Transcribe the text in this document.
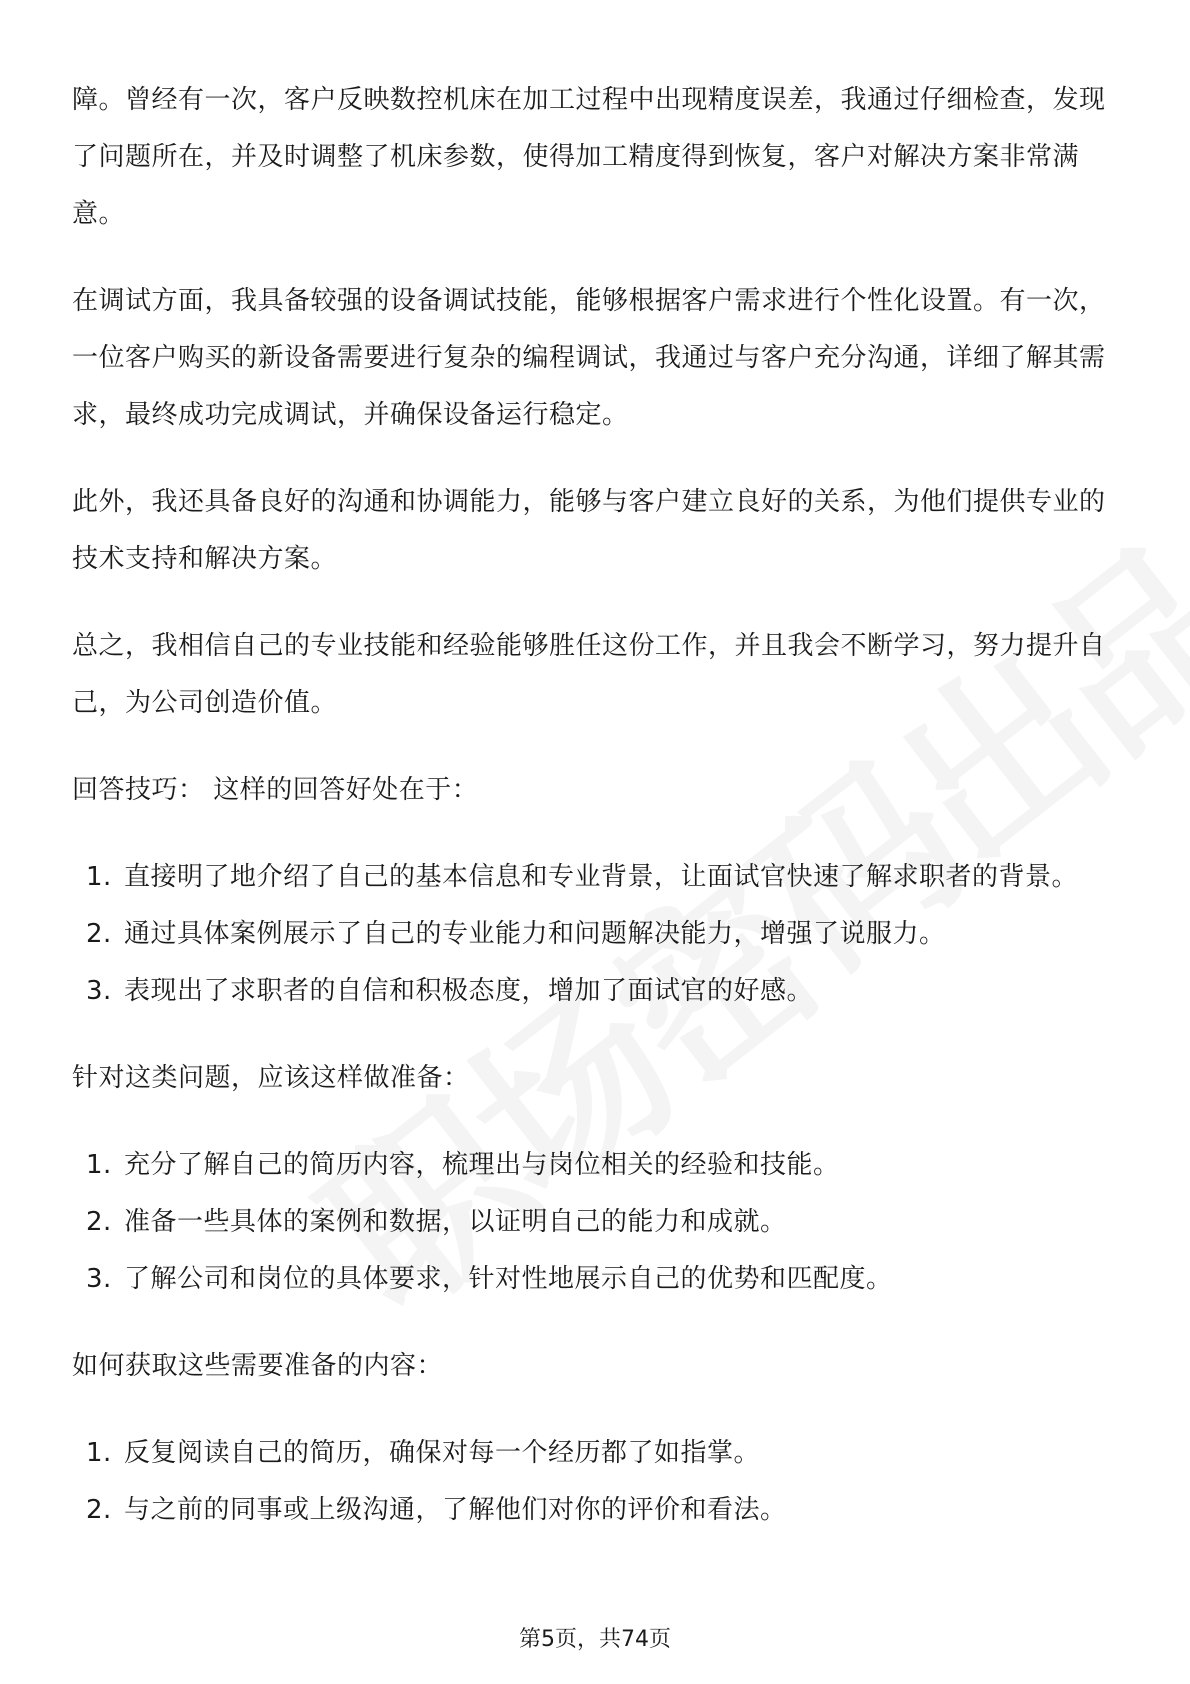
障。曾经有一次，客户反映数控机床在加工过程中出现精度误差，我通过仔细检查，发现了问题所在，并及时调整了机床参数，使得加工精度得到恢复，客户对解决方案非常满意。

在调试方面，我具备较强的设备调试技能，能够根据客户需求进行个性化设置。有一次，一位客户购买的新设备需要进行复杂的编程调试，我通过与客户充分沟通，详细了解其需求，最终成功完成调试，并确保设备运行稳定。

此外，我还具备良好的沟通和协调能力，能够与客户建立良好的关系，为他们提供专业的技术支持和解决方案。

总之，我相信自己的专业技能和经验能够胜任这份工作，并且我会不断学习，努力提升自己，为公司创造价值。

回答技巧： 这样的回答好处在于：

1. 直接明了地介绍了自己的基本信息和专业背景，让面试官快速了解求职者的背景。
2. 通过具体案例展示了自己的专业能力和问题解决能力，增强了说服力。
3. 表现出了求职者的自信和积极态度，增加了面试官的好感。

针对这类问题，应该这样做准备：

1. 充分了解自己的简历内容，梳理出与岗位相关的经验和技能。
2. 准备一些具体的案例和数据，以证明自己的能力和成就。
3. 了解公司和岗位的具体要求，针对性地展示自己的优势和匹配度。

如何获取这些需要准备的内容：

1. 反复阅读自己的简历，确保对每一个经历都了如指掌。
2. 与之前的同事或上级沟通，了解他们对你的评价和看法。
第5页，共74页
